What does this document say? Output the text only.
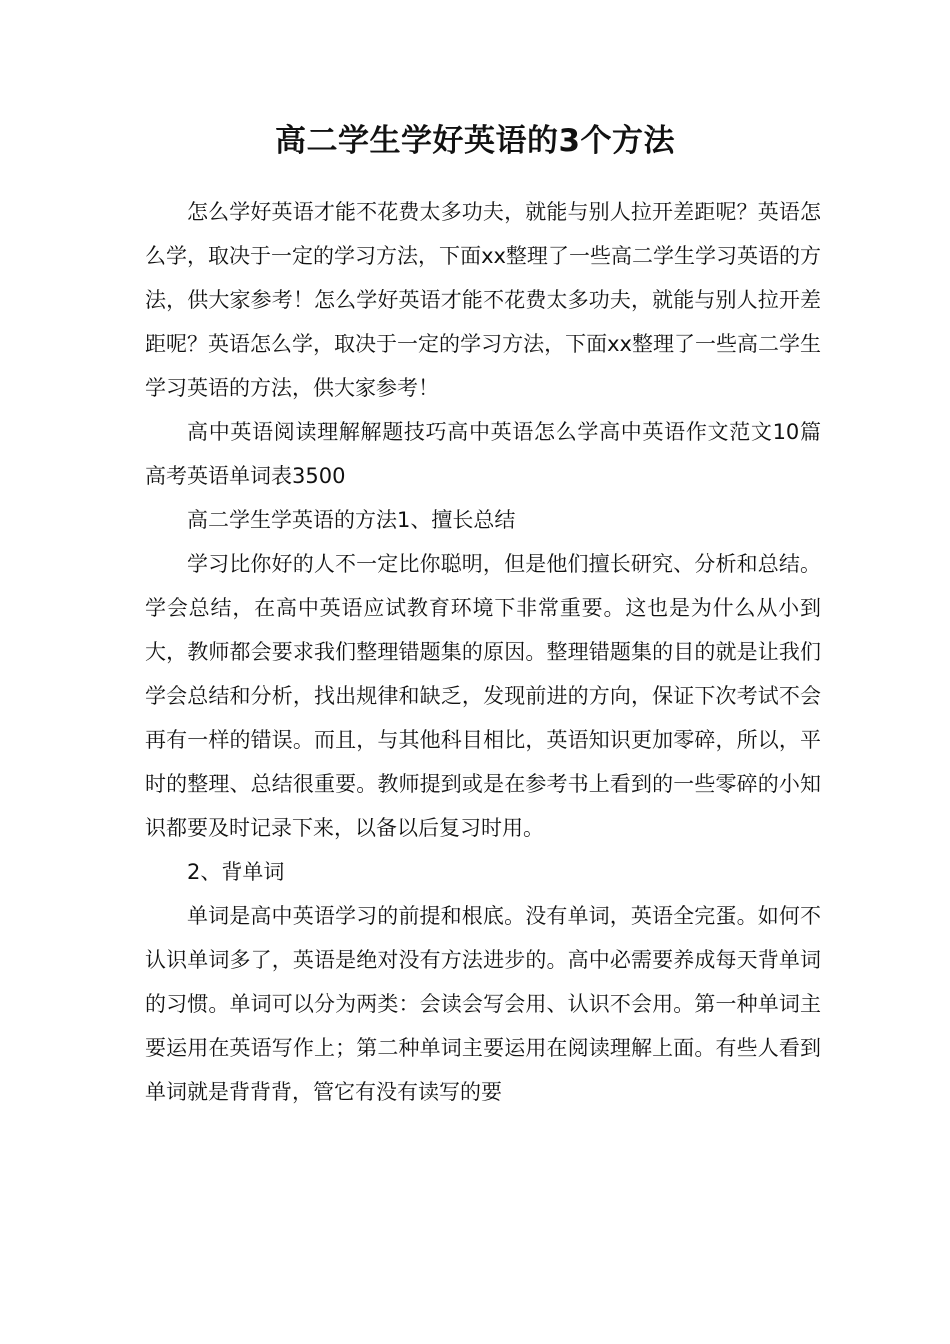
高二学生学好英语的3个方法

怎么学好英语才能不花费太多功夫，就能与别人拉开差距呢？英语怎么学，取决于一定的学习方法，下面xx整理了一些高二学生学习英语的方法，供大家参考！怎么学好英语才能不花费太多功夫，就能与别人拉开差距呢？英语怎么学，取决于一定的学习方法，下面xx整理了一些高二学生学习英语的方法，供大家参考！

高中英语阅读理解解题技巧高中英语怎么学高中英语作文范文10篇高考英语单词表3500

高二学生学英语的方法1、擅长总结

学习比你好的人不一定比你聪明，但是他们擅长研究、分析和总结。学会总结，在高中英语应试教育环境下非常重要。这也是为什么从小到大，教师都会要求我们整理错题集的原因。整理错题集的目的就是让我们学会总结和分析，找出规律和缺乏，发现前进的方向，保证下次考试不会再有一样的错误。而且，与其他科目相比，英语知识更加零碎，所以，平时的整理、总结很重要。教师提到或是在参考书上看到的一些零碎的小知识都要及时记录下来，以备以后复习时用。

2、背单词

单词是高中英语学习的前提和根底。没有单词，英语全完蛋。如何不认识单词多了，英语是绝对没有方法进步的。高中必需要养成每天背单词的习惯。单词可以分为两类：会读会写会用、认识不会用。第一种单词主要运用在英语写作上；第二种单词主要运用在阅读理解上面。有些人看到单词就是背背背，管它有没有读写的要
